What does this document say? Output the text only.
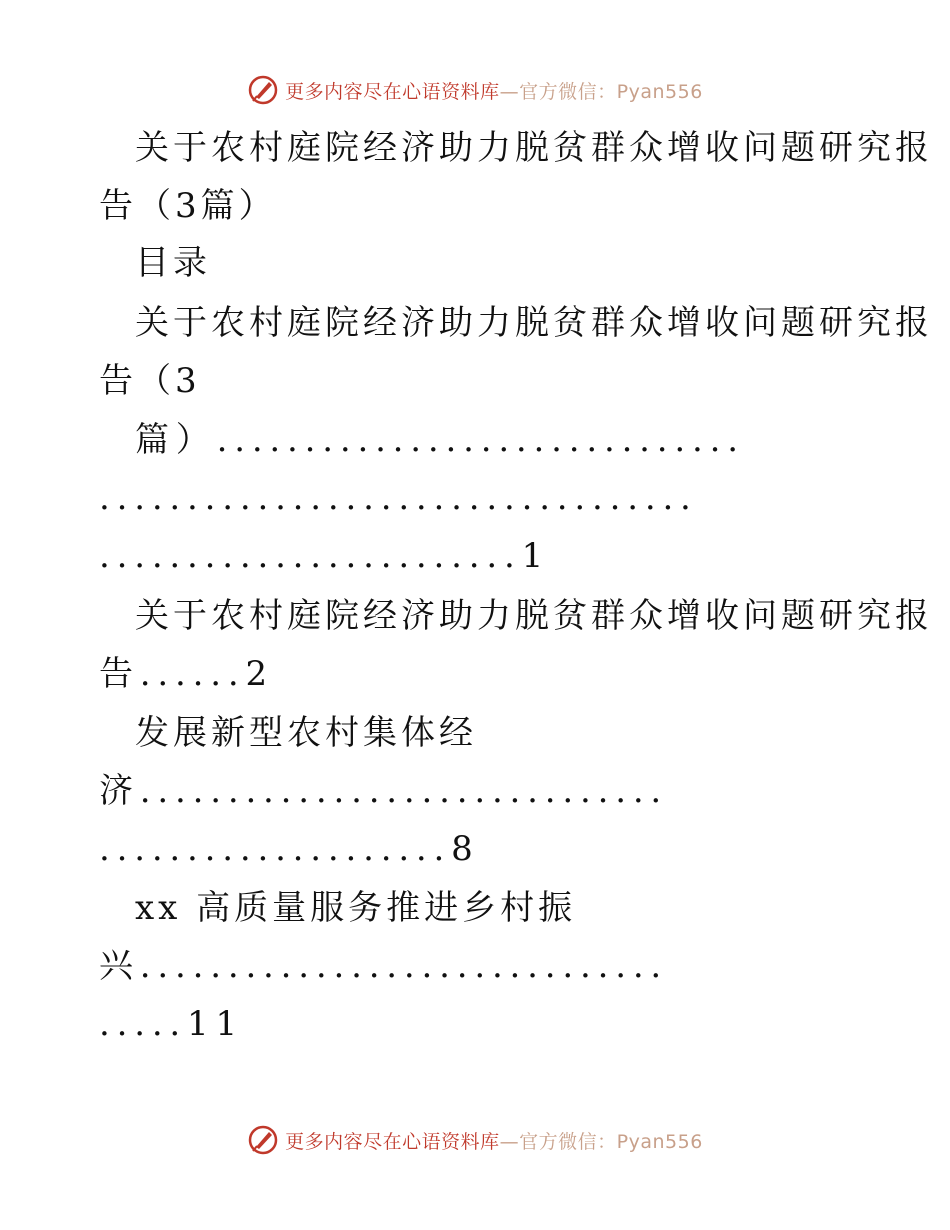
更多内容尽在心语资料库—官方微信：Pyan556
关于农村庭院经济助力脱贫群众增收问题研究报
告（3篇）
目录
关于农村庭院经济助力脱贫群众增收问题研究报
告（3
篇）..............................
..................................
........................1
关于农村庭院经济助力脱贫群众增收问题研究报
告......2
发展新型农村集体经
济..............................
....................8
xx 高质量服务推进乡村振
兴..............................
.....11
更多内容尽在心语资料库—官方微信：Pyan556
